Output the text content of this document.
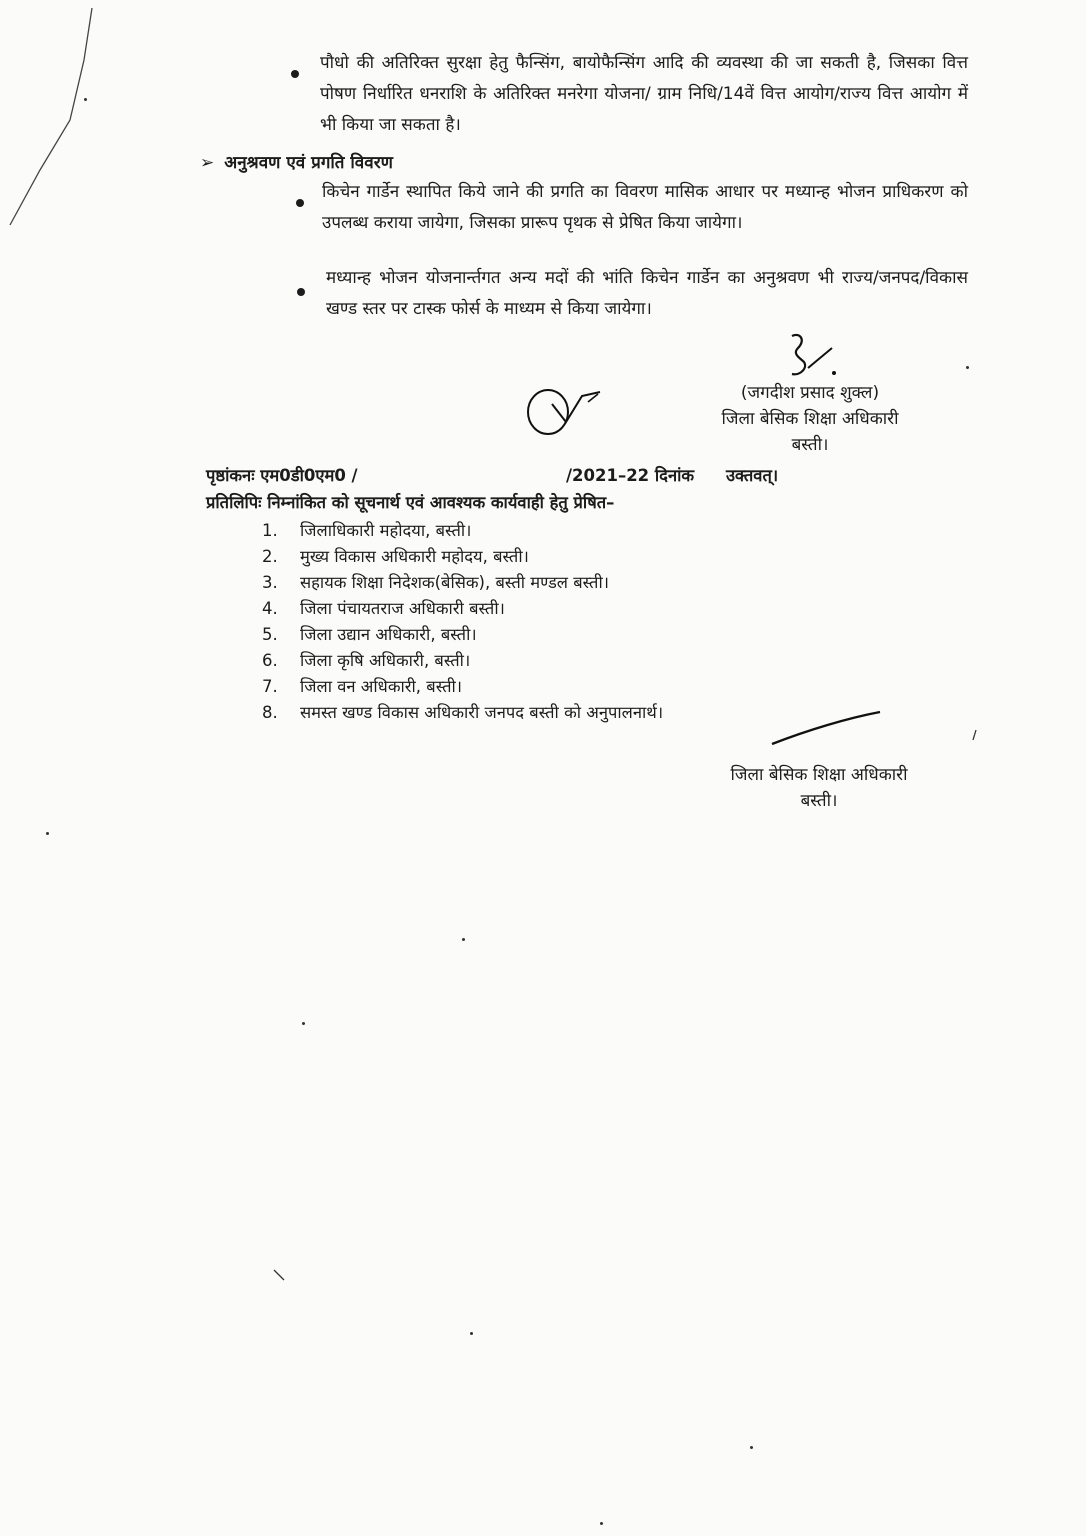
पौधो की अतिरिक्त सुरक्षा हेतु फैन्सिंग, बायोफैन्सिंग आदि की व्यवस्था की जा सकती है, जिसका वित्त पोषण निर्धारित धनराशि के अतिरिक्त मनरेगा योजना/ ग्राम निधि/14वें वित्त आयोग/राज्य वित्त आयोग में भी किया जा सकता है।
➢ अनुश्रवण एवं प्रगति विवरण
किचेन गार्डेन स्थापित किये जाने की प्रगति का विवरण मासिक आधार पर मध्यान्ह भोजन प्राधिकरण को उपलब्ध कराया जायेगा, जिसका प्रारूप पृथक से प्रेषित किया जायेगा।
मध्यान्ह भोजन योजनार्न्तगत अन्य मदों की भांति किचेन गार्डेन का अनुश्रवण भी राज्य/जनपद/विकास खण्ड स्तर पर टास्क फोर्स के माध्यम से किया जायेगा।
(जगदीश प्रसाद शुक्ल)
जिला बेसिक शिक्षा अधिकारी
बस्ती।
पृष्ठांकनः एम0डी0एम0 /	/2021–22 दिनांक उक्तवत्।
प्रतिलिपिः निम्नांकित को सूचनार्थ एवं आवश्यक कार्यवाही हेतु प्रेषित–
1.	जिलाधिकारी महोदया, बस्ती।
2.	मुख्य विकास अधिकारी महोदय, बस्ती।
3.	सहायक शिक्षा निदेशक(बेसिक), बस्ती मण्डल बस्ती।
4.	जिला पंचायतराज अधिकारी बस्ती।
5.	जिला उद्यान अधिकारी, बस्ती।
6.	जिला कृषि अधिकारी, बस्ती।
7.	जिला वन अधिकारी, बस्ती।
8.	समस्त खण्ड विकास अधिकारी जनपद बस्ती को अनुपालनार्थ।
जिला बेसिक शिक्षा अधिकारी
बस्ती।
